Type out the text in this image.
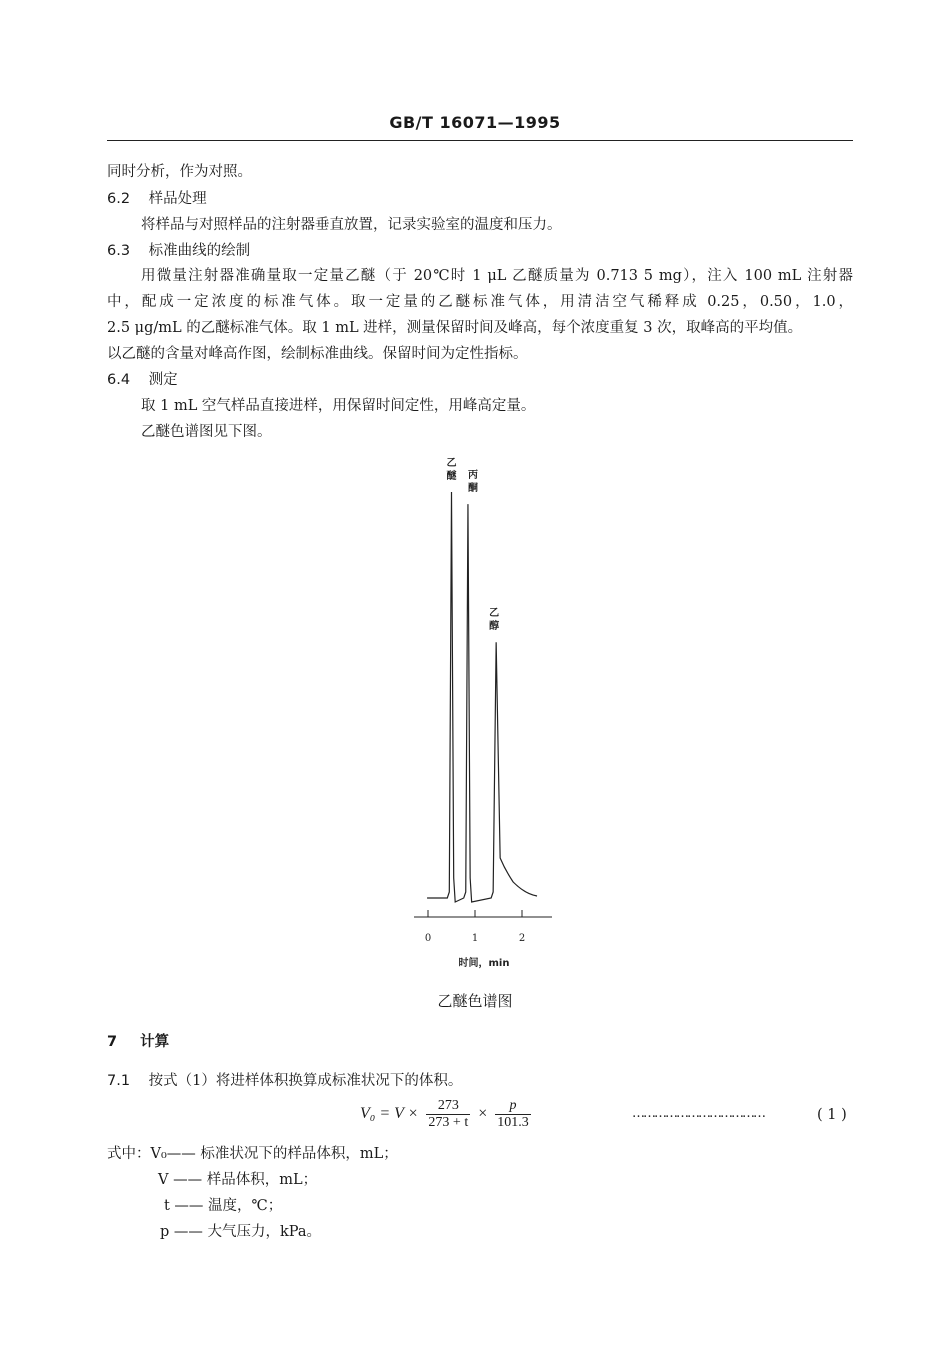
GB/T 16071—1995
同时分析，作为对照。
6.2 样品处理
将样品与对照样品的注射器垂直放置，记录实验室的温度和压力。
6.3 标准曲线的绘制
用微量注射器准确量取一定量乙醚（于 20℃时 1 μL 乙醚质量为 0.713 5 mg），注入 100 mL 注射器
中，配成一定浓度的标准气体。取一定量的乙醚标准气体，用清洁空气稀释成 0.25，0.50，1.0，
2.5 μg/mL 的乙醚标准气体。取 1 mL 进样，测量保留时间及峰高，每个浓度重复 3 次，取峰高的平均值。
以乙醚的含量对峰高作图，绘制标准曲线。保留时间为定性指标。
6.4 测定
取 1 mL 空气样品直接进样，用保留时间定性，用峰高定量。
乙醚色谱图见下图。
0	1	2
乙
醚 丙
酮
乙
醇
时间，min
乙醚色谱图
7 计算
7.1 按式（1）将进样体积换算成标准状况下的体积。
$V_0 = V \times \frac{273}{273 + t} \times \frac{p}{101.3}$	………………………………	( 1 )
式中：V₀—— 标准状况下的样品体积，mL；
V —— 样品体积，mL；
t —— 温度，℃；
p —— 大气压力，kPa。
